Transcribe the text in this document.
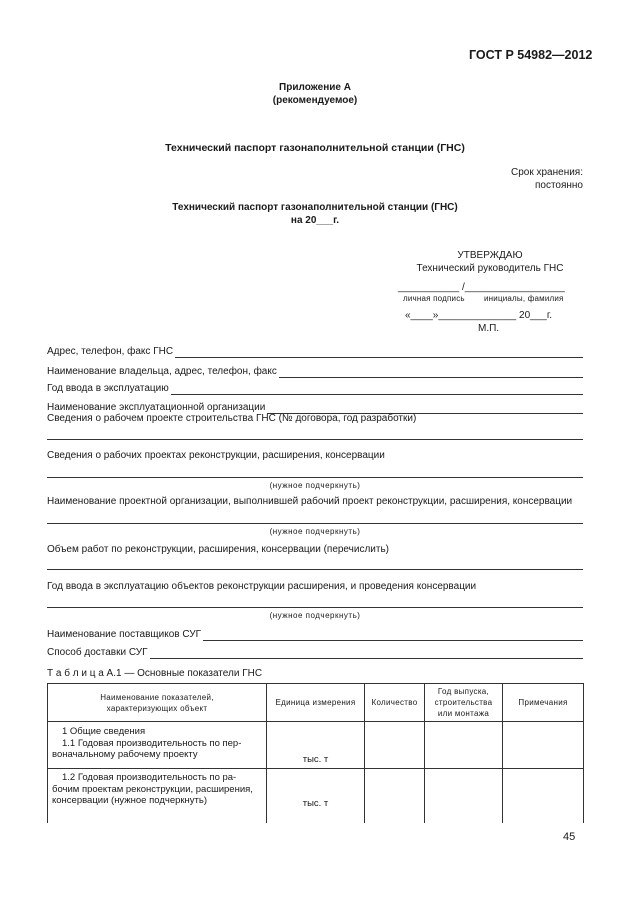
ГОСТ Р 54982—2012
Приложение А
(рекомендуемое)
Технический паспорт газонаполнительной станции (ГНС)
Срок хранения:
постоянно
Технический паспорт газонаполнительной станции (ГНС)
на 20___г.
УТВЕРЖДАЮ
Технический руководитель ГНС
___________ /__________________
личная подпись инициалы, фамилия
«____»______________ 20___г.
М.П.
Адрес, телефон, факс ГНС
Наименование владельца, адрес, телефон, факс
Год ввода в эксплуатацию
Наименование эксплуатационной организации
Сведения о рабочем проекте строительства ГНС (№ договора, год разработки)
Сведения о рабочих проектах реконструкции, расширения, консервации
(нужное подчеркнуть)
Наименование проектной организации, выполнившей рабочий проект реконструкции, расширения, консервации
(нужное подчеркнуть)
Объем работ по реконструкции, расширения, консервации (перечислить)
Год ввода в эксплуатацию объектов реконструкции расширения, и проведения консервации
(нужное подчеркнуть)
Наименование поставщиков СУГ
Способ доставки СУГ
Т а б л и ц а А.1 — Основные показатели ГНС
Наименование показателей, характеризующих объект	Единица измерения	Количество	Год выпуска, строительства или монтажа	Примечания

1 Общие сведения
1.1 Годовая производительность по пер-
воначальному рабочему проекту	тыс. т			

1.2 Годовая производительность по ра-
бочим проектам реконструкции, расширения,
консервации (нужное подчеркнуть)	тыс. т			

45
